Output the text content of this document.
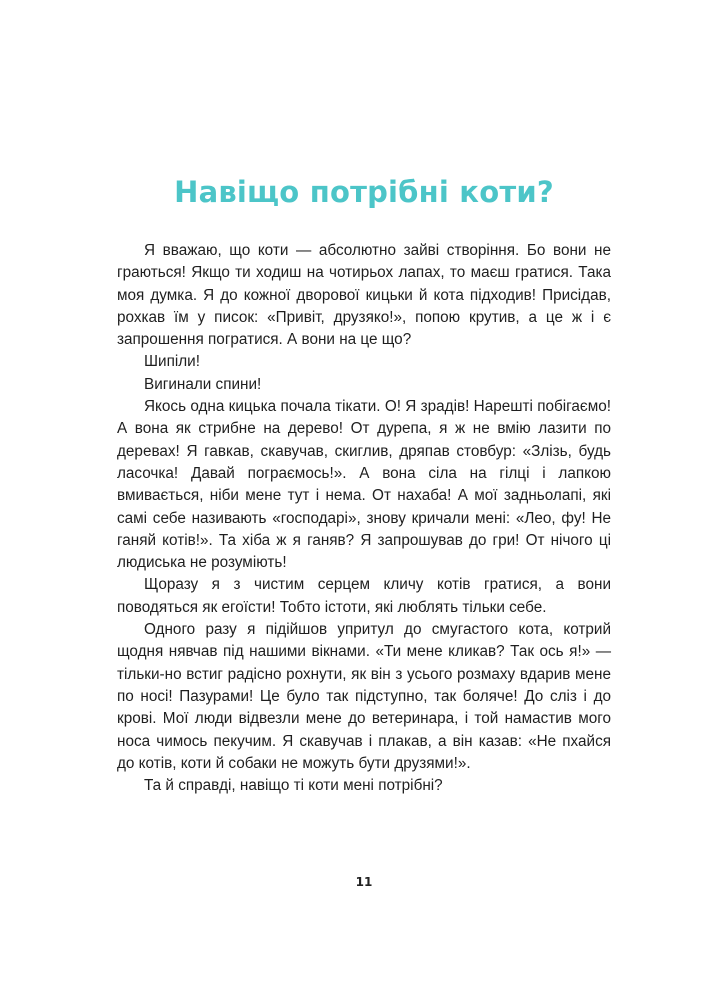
Навіщо потрібні коти?

Я вважаю, що коти — абсолютно зайві створіння. Бо вони не граються! Якщо ти ходиш на чотирьох лапах, то маєш гратися. Така моя думка. Я до кожної дворової кицьки й кота підходив! Присідав, рохкав їм у писок: «Привіт, друзяко!», попою крутив, а це ж і є запрошення погратися. А вони на це що?

Шипіли!

Вигинали спини!

Якось одна кицька почала тікати. О! Я зрадів! Нарешті побігаємо! А вона як стрибне на дерево! От дурепа, я ж не вмію лазити по деревах! Я гавкав, скавучав, скиглив, дряпав стовбур: «Злізь, будь ласочка! Давай пограємось!». А вона сіла на гілці і лапкою вмивається, ніби мене тут і нема. От нахаба! А мої задньолапі, які самі себе називають «господарі», знову кричали мені: «Лео, фу! Не ганяй котів!». Та хіба ж я ганяв? Я запрошував до гри! От нічого ці людиська не розуміють!

Щоразу я з чистим серцем кличу котів гратися, а вони поводяться як егоїсти! Тобто істоти, які люблять тільки себе.

Одного разу я підійшов упритул до смугастого кота, котрий щодня нявчав під нашими вікнами. «Ти мене кликав? Так ось я!» — тільки-но встиг радісно рохнути, як він з усього розмаху вдарив мене по носі! Пазурами! Це було так підступно, так боляче! До сліз і до крові. Мої люди відвезли мене до ветеринара, і той намастив мого носа чимось пекучим. Я скавучав і плакав, а він казав: «Не пхайся до котів, коти й собаки не можуть бути друзями!».

Та й справді, навіщо ті коти мені потрібні?

11
